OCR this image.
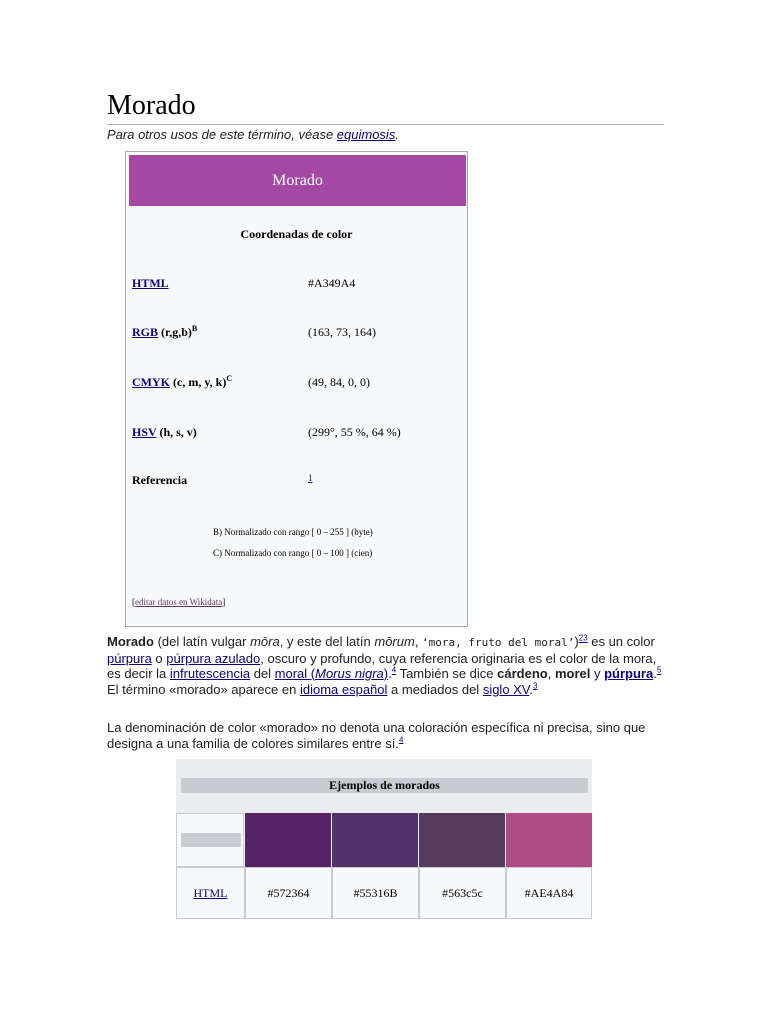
Morado
Para otros usos de este término, véase equimosis.
Morado
Coordenadas de color
HTML	#A349A4
RGB $(r,g,b)^B$	(163, 73, 164)
CMYK (c, m, y, k)$^C$	(49, 84, 0, 0)
HSV (h, s, v)	(299°, 55 %, 64 %)
Referencia	$^1$
B) Normalizado con rango [ 0 – 255 ] (byte)
C) Normalizado con rango [ 0 – 100 ] (cien)
[editar datos en Wikidata]
Morado (del latín vulgar mōra, y este del latín mōrum, ‘mora, fruto del moral’)$^{23}$ es un color púrpura o púrpura azulado, oscuro y profundo, cuya referencia originaria es el color de la mora, es decir la infrutescencia del moral (Morus nigra).$^4$ También se dice cárdeno, morel y púrpura.$^5$ El término «morado» aparece en idioma español a mediados del siglo XV.$^3$
La denominación de color «morado» no denota una coloración específica ni precisa, sino que designa a una familia de colores similares entre sí.$^4$
Ejemplos de morados
HTML	#572364	#55316B	#563c5c	#AE4A84
